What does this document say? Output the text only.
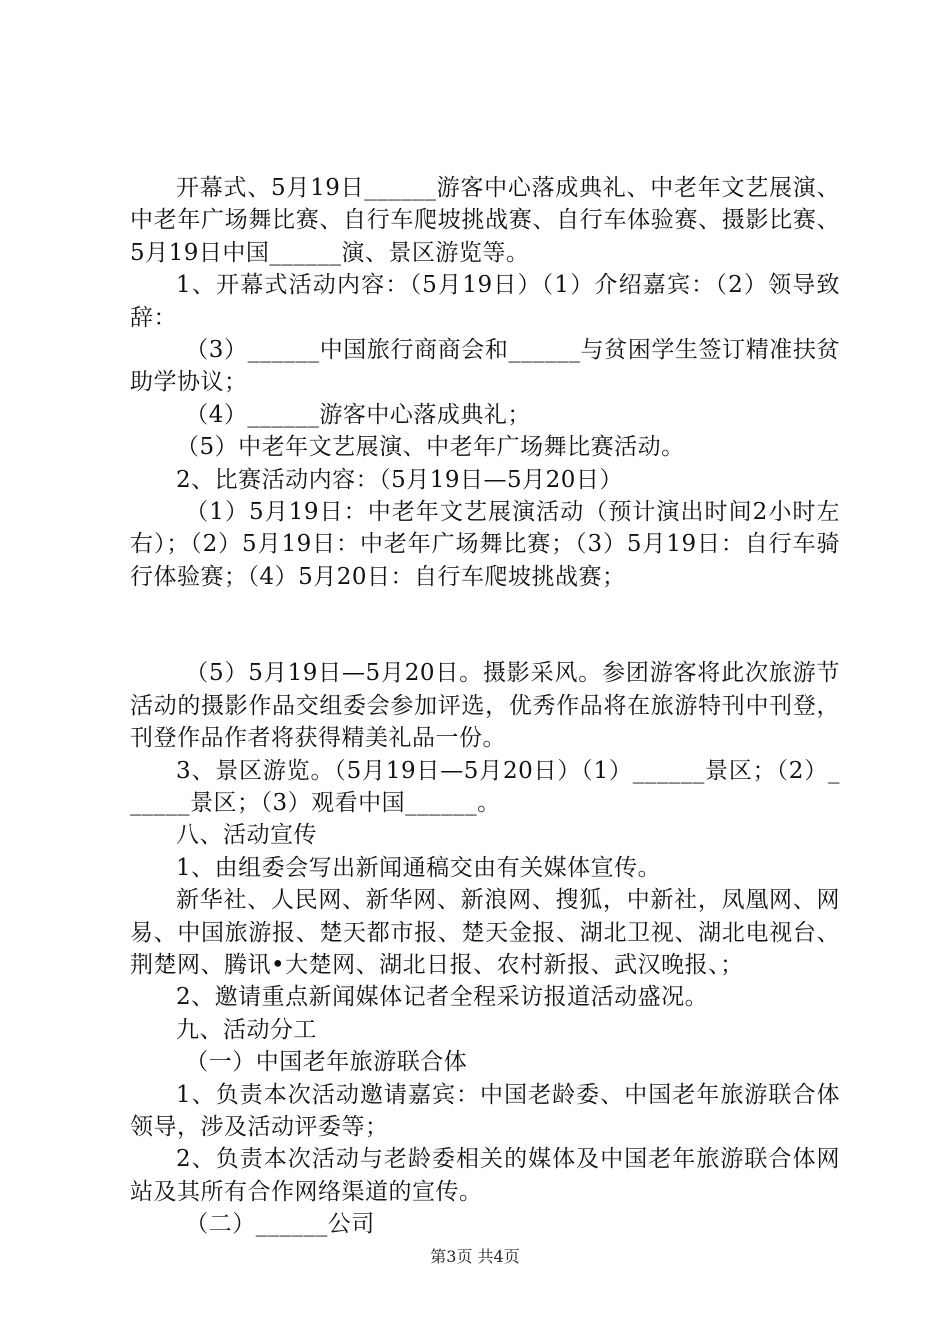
开幕式、5月19日______游客中心落成典礼、中老年文艺展演、中老年广场舞比赛、自行车爬坡挑战赛、自行车体验赛、摄影比赛、5月19日中国______演、景区游览等。

1、开幕式活动内容：（5月19日）（1）介绍嘉宾：（2）领导致辞：

（3）______中国旅行商商会和______与贫困学生签订精准扶贫助学协议；

（4）______游客中心落成典礼；

（5）中老年文艺展演、中老年广场舞比赛活动。

2、比赛活动内容：（5月19日—5月20日）

（1）5月19日：中老年文艺展演活动（预计演出时间2小时左右）；（2）5月19日：中老年广场舞比赛；（3）5月19日：自行车骑行体验赛；（4）5月20日：自行车爬坡挑战赛；

（5）5月19日—5月20日。摄影采风。参团游客将此次旅游节活动的摄影作品交组委会参加评选，优秀作品将在旅游特刊中刊登，刊登作品作者将获得精美礼品一份。

3、景区游览。（5月19日—5月20日）（1）______景区；（2）______景区；（3）观看中国______。

八、活动宣传

1、由组委会写出新闻通稿交由有关媒体宣传。

新华社、人民网、新华网、新浪网、搜狐，中新社，凤凰网、网易、中国旅游报、楚天都市报、楚天金报、湖北卫视、湖北电视台、荆楚网、腾讯•大楚网、湖北日报、农村新报、武汉晚报、；

2、邀请重点新闻媒体记者全程采访报道活动盛况。

九、活动分工

（一）中国老年旅游联合体

1、负责本次活动邀请嘉宾：中国老龄委、中国老年旅游联合体领导，涉及活动评委等；

2、负责本次活动与老龄委相关的媒体及中国老年旅游联合体网站及其所有合作网络渠道的宣传。

（二）______公司

第3页 共4页
